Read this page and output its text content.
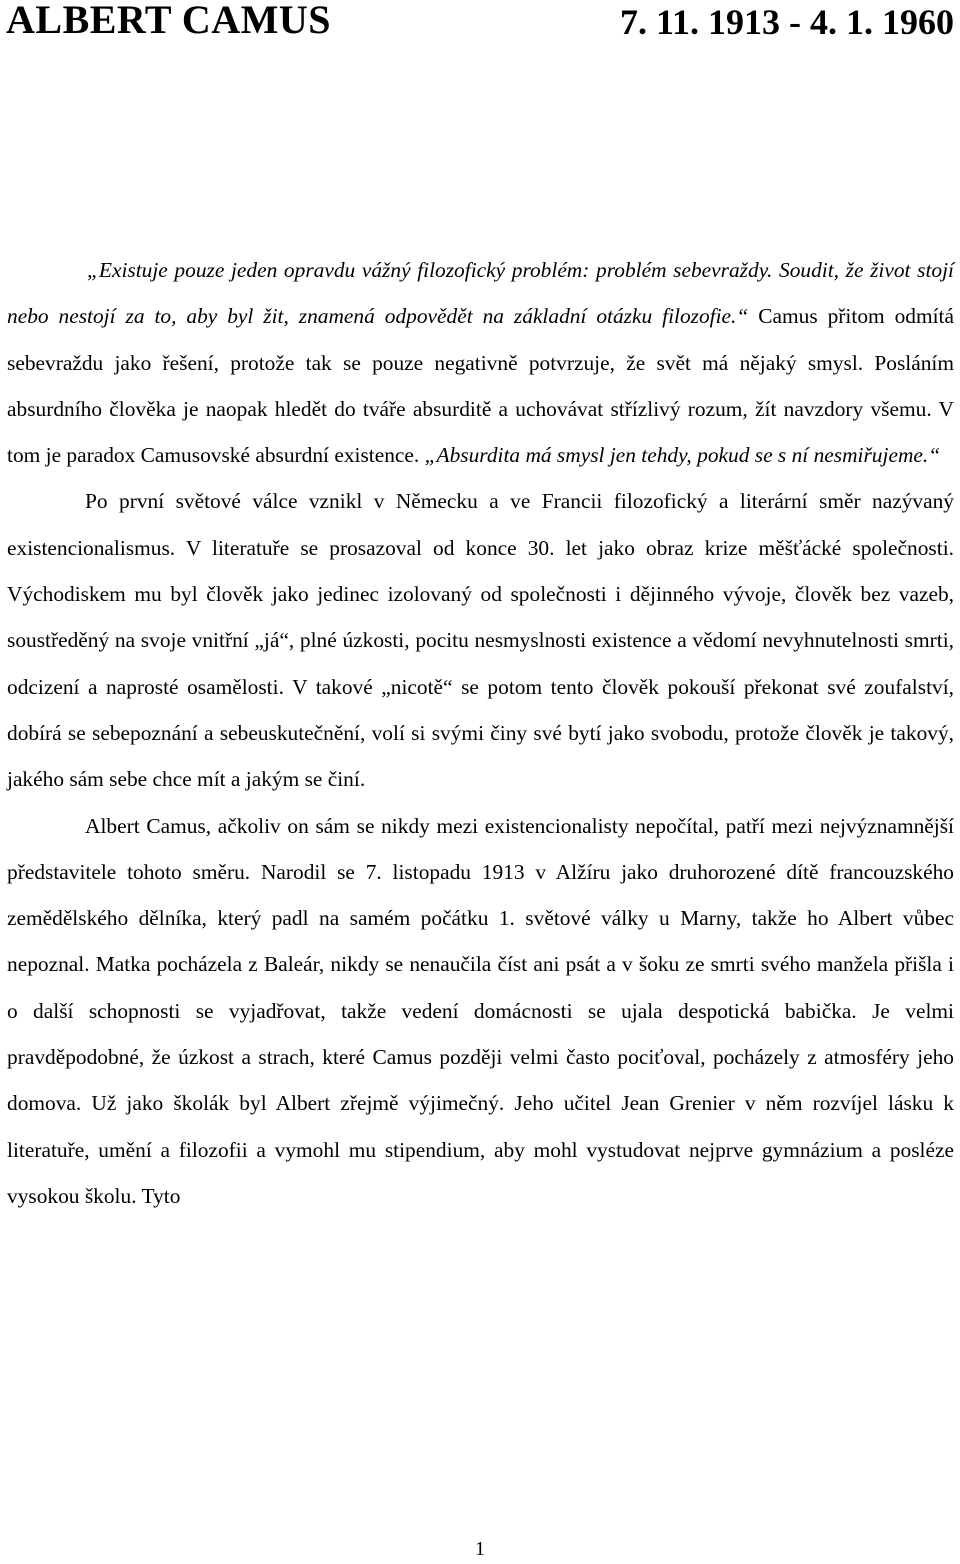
ALBERT CAMUS	7. 11. 1913 - 4. 1. 1960

„Existuje pouze jeden opravdu vážný filozofický problém: problém sebevraždy. Soudit, že život stojí nebo nestojí za to, aby byl žit, znamená odpovědět na základní otázku filozofie.“ Camus přitom odmítá sebevraždu jako řešení, protože tak se pouze negativně potvrzuje, že svět má nějaký smysl. Posláním absurdního člověka je naopak hledět do tváře absurditě a uchovávat střízlivý rozum, žít navzdory všemu. V tom je paradox Camusovské absurdní existence. „Absurdita má smysl jen tehdy, pokud se s ní nesmiřujeme.“

Po první světové válce vznikl v Německu a ve Francii filozofický a literární směr nazývaný existencionalismus. V literatuře se prosazoval od konce 30. let jako obraz krize měšťácké společnosti. Východiskem mu byl člověk jako jedinec izolovaný od společnosti i dějinného vývoje, člověk bez vazeb, soustředěný na svoje vnitřní „já“, plné úzkosti, pocitu nesmyslnosti existence a vědomí nevyhnutelnosti smrti, odcizení a naprosté osamělosti. V takové „nicotě“ se potom tento člověk pokouší překonat své zoufalství, dobírá se sebepoznání a sebeuskutečnění, volí si svými činy své bytí jako svobodu, protože člověk je takový, jakého sám sebe chce mít a jakým se činí.

Albert Camus, ačkoliv on sám se nikdy mezi existencionalisty nepočítal, patří mezi nejvýznamnější představitele tohoto směru. Narodil se 7. listopadu 1913 v Alžíru jako druhorozené dítě francouzského zemědělského dělníka, který padl na samém počátku 1. světové války u Marny, takže ho Albert vůbec nepoznal. Matka pocházela z Baleár, nikdy se nenaučila číst ani psát a v šoku ze smrti svého manžela přišla i o další schopnosti se vyjadřovat, takže vedení domácnosti se ujala despotická babička. Je velmi pravděpodobné, že úzkost a strach, které Camus později velmi často pociťoval, pocházely z atmosféry jeho domova. Už jako školák byl Albert zřejmě výjimečný. Jeho učitel Jean Grenier v něm rozvíjel lásku k literatuře, umění a filozofii a vymohl mu stipendium, aby mohl vystudovat nejprve gymnázium a posléze vysokou školu. Tyto

1
